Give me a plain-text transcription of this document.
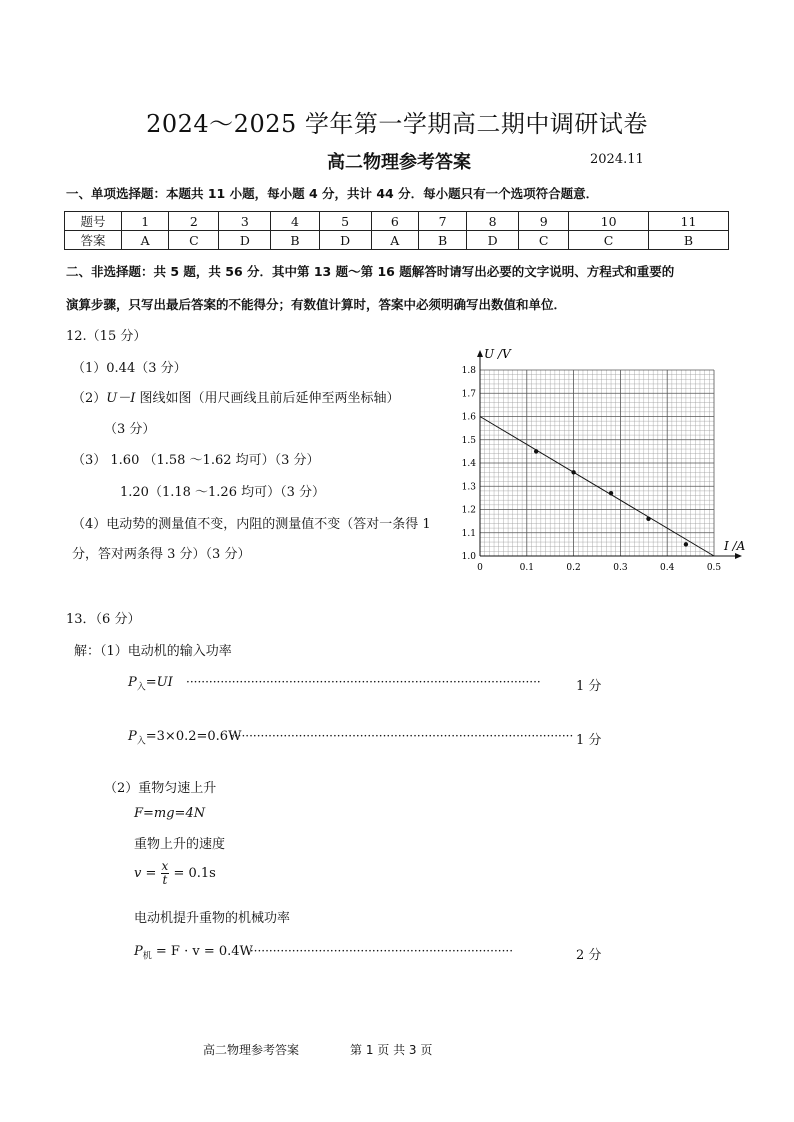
2024～2025 学年第一学期高二期中调研试卷
高二物理参考答案	2024.11
一、单项选择题：本题共 11 小题，每小题 4 分，共计 44 分．每小题只有一个选项符合题意．
题号	1	2	3	4	5	6	7	8	9	10	11
答案	A	C	D	B	D	A	B	D	C	C	B
二、非选择题：共 5 题，共 56 分．其中第 13 题～第 16 题解答时请写出必要的文字说明、方程式和重要的
演算步骤，只写出最后答案的不能得分；有数值计算时，答案中必须明确写出数值和单位．
12.（15 分）
（1）0.44（3 分）
（2）U－I 图线如图（用尺画线且前后延伸至两坐标轴）
（3 分）
（3） 1.60 （1.58 ～1.62 均可）（3 分）
1.20（1.18 ～1.26 均可）（3 分）
（4）电动势的测量值不变，内阻的测量值不变（答对一条得 1
分，答对两条得 3 分）（3 分）
0	0.1	0.2	0.3	0.4	0.5
1.0
1.1
1.2
1.3
1.4
1.5
1.6
1.7
1.8
I /A
U /V
13．（6 分）
解：（1）电动机的输入功率
$P_入=UI$ ·····························································································	1 分
$P_入=3\times 0.2=0.6W$
·························································································· 1 分
（2）重物匀速上升
F=mg=4N
重物上升的速度
$v = \frac{x}{t} = 0.1s$
电动机提升重物的机械功率
$P_机 = F \cdot v = 0.4W$
······································································	2 分
高二物理参考答案	第 1 页 共 3 页
